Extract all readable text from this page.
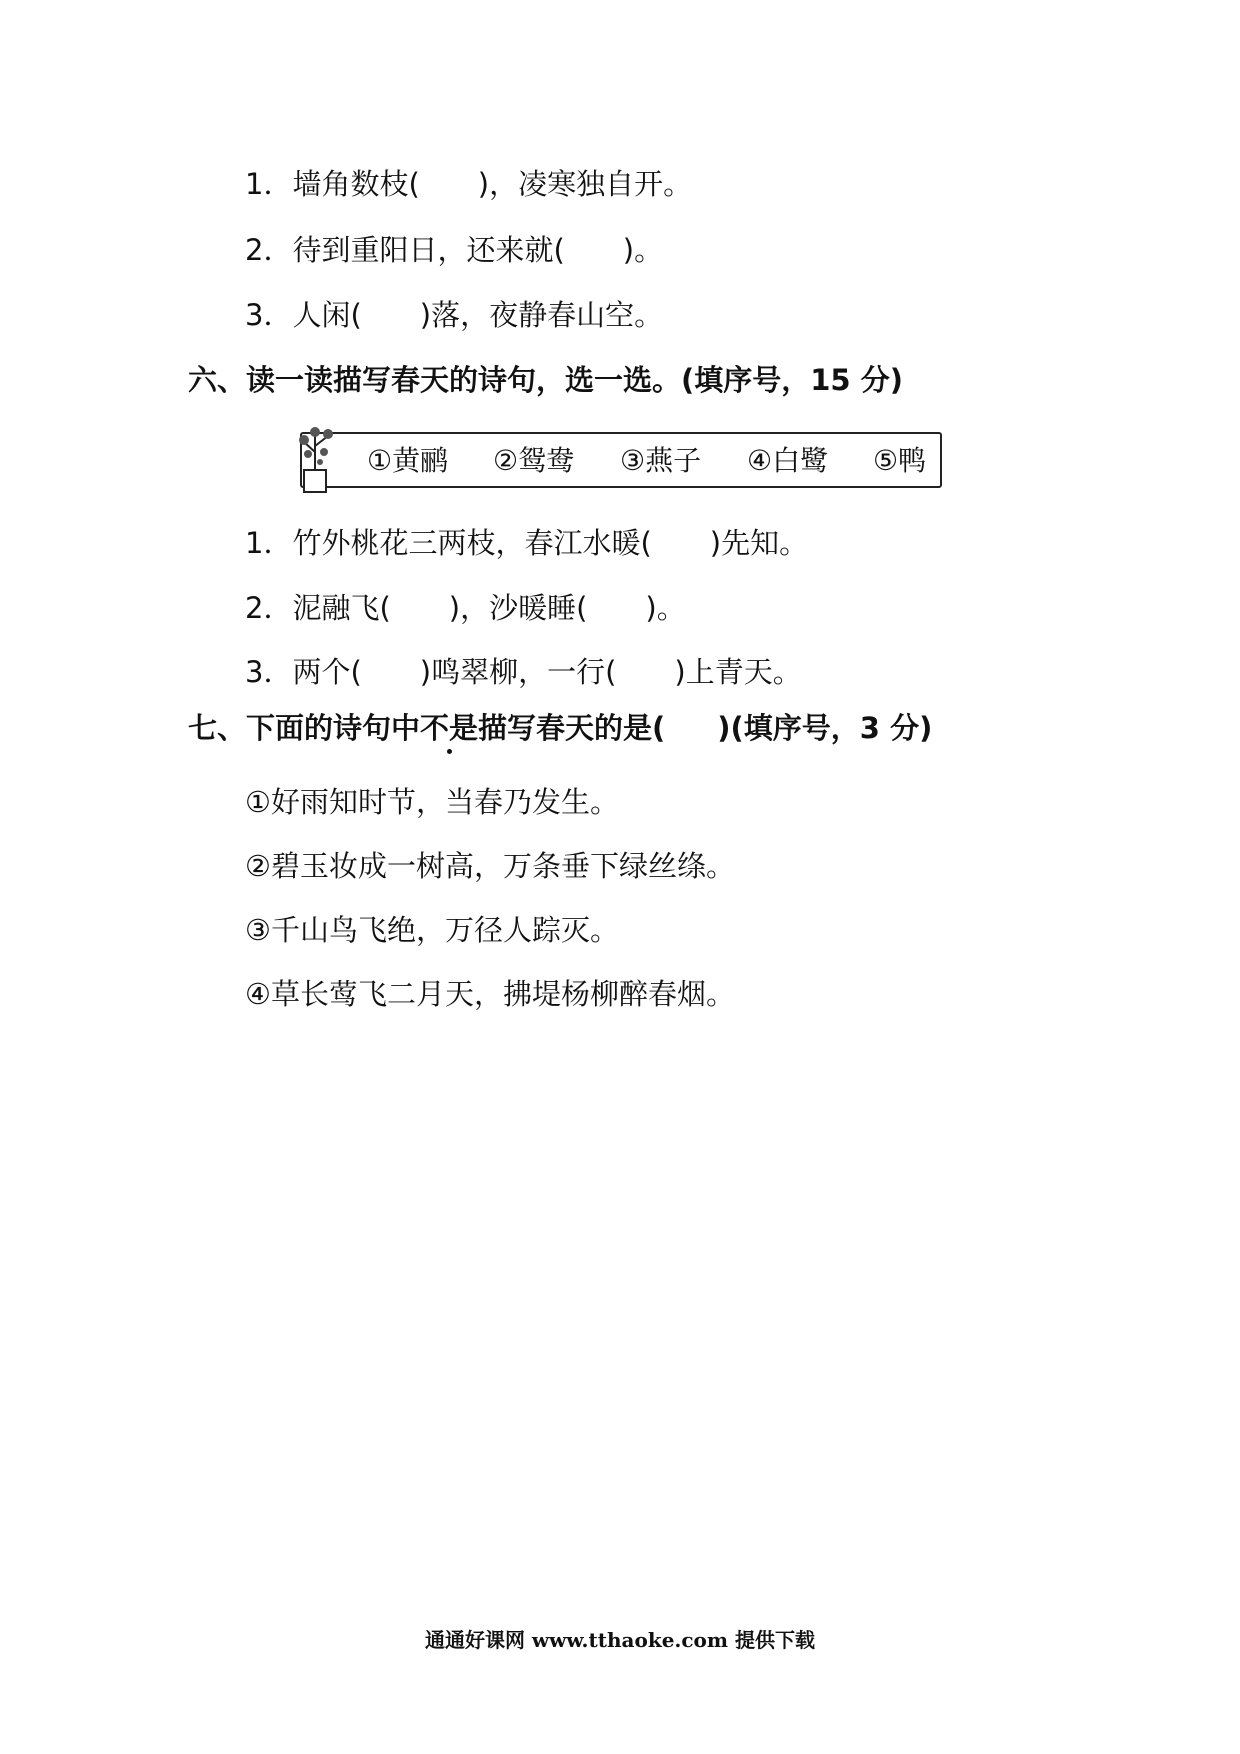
1．墙角数枝( )，凌寒独自开。
2．待到重阳日，还来就( )。
3．人闲( )落，夜静春山空。
六、读一读描写春天的诗句，选一选。(填序号，15 分)
①黄鹂 ②鸳鸯 ③燕子 ④白鹭 ⑤鸭
1．竹外桃花三两枝，春江水暖( )先知。
2．泥融飞( )，沙暖睡( )。
3．两个( )鸣翠柳，一行( )上青天。
七、下面的诗句中不是描写春天的是( )(填序号，3 分)
①好雨知时节，当春乃发生。
②碧玉妆成一树高，万条垂下绿丝绦。
③千山鸟飞绝，万径人踪灭。
④草长莺飞二月天，拂堤杨柳醉春烟。
通通好课网 www.tthaoke.com 提供下载
